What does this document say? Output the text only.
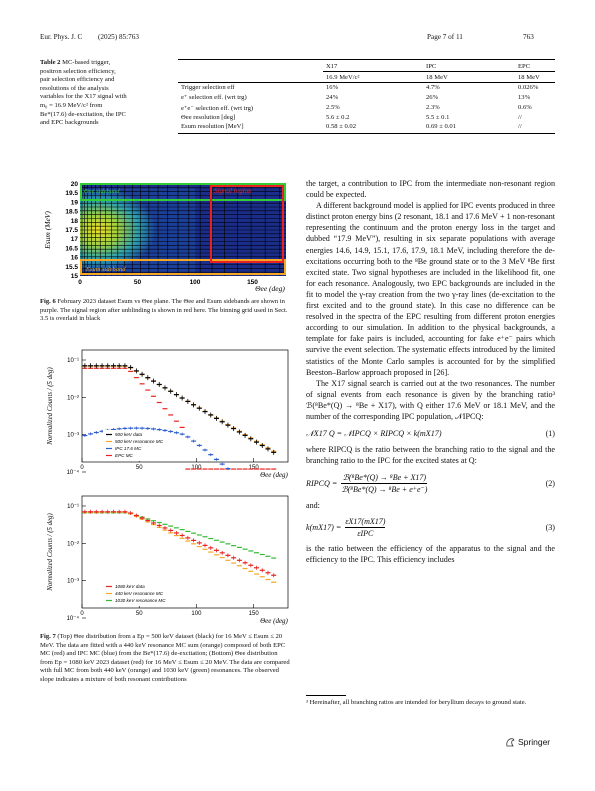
Eur. Phys. J. C (2025) 85:763	Page 7 of 11	763
Table 2 MC-based trigger,
positron selection efficiency,
pair selection efficiency and
resolutions of the analysis
variables for the X17 signal with
m₀ = 16.9 MeV/c² from
Be*(17.6) de-excitation, the IPC
and EPC backgrounds
	X17	IPC	EPC
	16.9 MeV/c²	18 MeV	18 MeV

Trigger selection eff	16%	4.7%	0.026%
e⁺ selection eff. (wrt trg)	24%	26%	13%
e⁺e⁻ selection eff. (wrt trg)	2.5%	2.3%	0.6%
Θee resolution [deg]	5.6 ± 0.2	5.5 ± 0.1	//
Esum resolution [MeV]	0.58 ± 0.02	0.69 ± 0.01	//
Θee sideband	Signal region
Esum sideband
20
19.5
19
18.5
18
17.5
17
16.5
16
15.5
15
0	50	100	150
Esum (MeV)
Θee (deg)
Fig. 6 February 2023 dataset Esum vs Θee plane. The Θee and Esum sidebands are shown in purple. The signal region after unblinding is shown in red here. The binning grid used in Sect. 3.5 is overlaid in black
10⁻¹
10⁻²
10⁻³
10⁻⁴
0	50	100	150
500 keV data
500 keV resonance MC
IPC 17.6 MC
EPC MC
Normalized Counts / (5 deg)
Θee (deg)
10⁻¹
10⁻²
10⁻³
10⁻⁴
0	50	100	150
1080 keV data
440 keV resonance MC
1030 keV resonance MC
Normalized Counts / (5 deg)
Θee (deg)
Fig. 7 (Top) Θee distribution from a Ep = 500 keV dataset (black) for 16 MeV ≤ Esum ≤ 20 MeV. The data are fitted with a 440 keV resonance MC sum (orange) composed of both EPC MC (red) and IPC MC (blue) from the Be*(17.6) de-excitation; (Bottom) Θee distribution from Ep = 1080 keV 2023 dataset (red) for 16 MeV ≤ Esum ≤ 20 MeV. The data are compared with full MC from both 440 keV (orange) and 1030 keV (green) resonances. The observed slope indicates a mixture of both resonant contributions

the target, a contribution to IPC from the intermediate non-resonant region could be expected.

A different background model is applied for IPC events produced in three distinct proton energy bins (2 resonant, 18.1 and 17.6 MeV + 1 non-resonant representing the continuum and the proton energy loss in the target and dubbed “17.9 MeV”), resulting in six separate populations with average energies 14.6, 14.9, 15.1, 17.6, 17.9, 18.1 MeV, including therefore the de-excitations occurring both to the ⁸Be ground state or to the 3 MeV ⁸Be first excited state. Two signal hypotheses are included in the likelihood fit, one for each resonance. Analogously, two EPC backgrounds are included in the fit to model the γ-ray creation from the two γ-ray lines (de-excitation to the first excited and to the ground state). In this case no difference can be resolved in the spectra of the EPC resulting from different proton energies according to our simulation. In addition to the physical backgrounds, a template for fake pairs is included, accounting for fake e⁺e⁻ pairs which survive the event selection. The systematic effects introduced by the limited statistics of the Monte Carlo samples is accounted for by the simplified Beeston–Barlow approach proposed in [26].

The X17 signal search is carried out at the two resonances. The number of signal events from each resonance is given by the branching ratio³ ℬ(⁸Be*(Q) → ⁸Be + X17), with Q either 17.6 MeV or 18.1 MeV, and the number of the corresponding IPC population, 𝒩IPCQ:

𝒩X17 Q = 𝒩IPCQ × RIPCQ × k(mX17)	(1)

where RIPCQ is the ratio between the branching ratio to the signal and the branching ratio to the IPC for the excited states at Q:

RIPCQ =
ℬ(⁸Be*(Q) → ⁸Be + X17)
ℬ(⁸Be*(Q) → ⁸Be + e⁺e⁻)
(2)

and:

k(mX17) =
εX17(mX17)
εIPC
(3)

is the ratio between the efficiency of the apparatus to the signal and the efficiency to the IPC. This efficiency includes

³ Hereinafter, all branching ratios are intended for beryllium decays to ground state.
Springer
